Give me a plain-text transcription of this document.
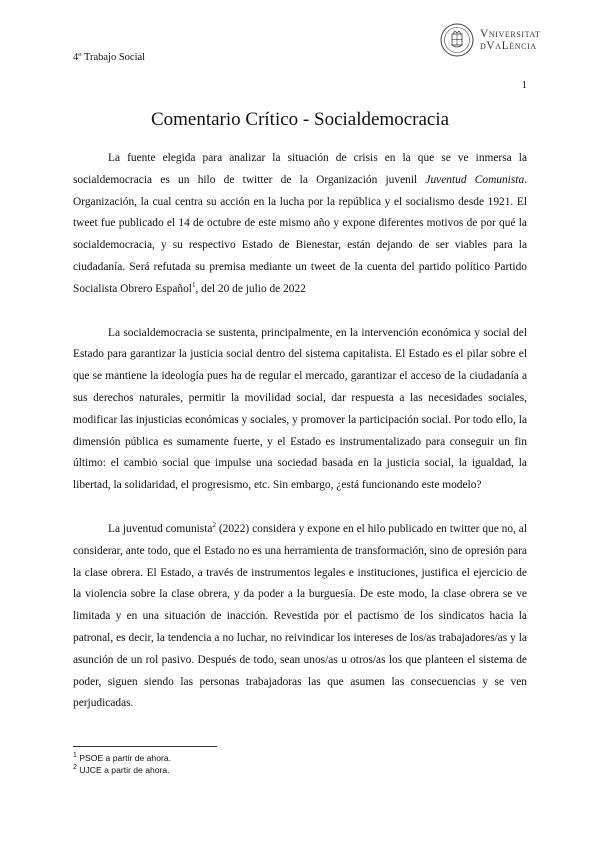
4º Trabajo Social
Vniversitat
dVaLència
1
Comentario Crítico - Socialdemocracia

La fuente elegida para analizar la situación de crisis en la que se ve inmersa la socialdemocracia es un hilo de twitter de la Organización juvenil Juventud Comunista. Organización, la cual centra su acción en la lucha por la república y el socialismo desde 1921. El tweet fue publicado el 14 de octubre de este mismo año y expone diferentes motivos de por qué la socialdemocracia, y su respectivo Estado de Bienestar, están dejando de ser viables para la ciudadanía. Será refutada su premisa mediante un tweet de la cuenta del partido político Partido Socialista Obrero Español$^1$, del 20 de julio de 2022

La socialdemocracia se sustenta, principalmente, en la intervención económica y social del Estado para garantizar la justicia social dentro del sistema capitalista. El Estado es el pilar sobre el que se mantiene la ideología pues ha de regular el mercado, garantizar el acceso de la ciudadanía a sus derechos naturales, permitir la movilidad social, dar respuesta a las necesidades sociales, modificar las injusticias económicas y sociales, y promover la participación social. Por todo ello, la dimensión pública es sumamente fuerte, y el Estado es instrumentalizado para conseguir un fin último: el cambio social que impulse una sociedad basada en la justicia social, la igualdad, la libertad, la solidaridad, el progresismo, etc. Sin embargo, ¿está funcionando este modelo?

La juventud comunista$^2$ (2022) considera y expone en el hilo publicado en twitter que no, al considerar, ante todo, que el Estado no es una herramienta de transformación, sino de opresión para la clase obrera. El Estado, a través de instrumentos legales e instituciones, justifica el ejercicio de la violencia sobre la clase obrera, y da poder a la burguesía. De este modo, la clase obrera se ve limitada y en una situación de inacción. Revestida por el pactismo de los sindicatos hacia la patronal, es decir, la tendencia a no luchar, no reivindicar los intereses de los/as trabajadores/as y la asunción de un rol pasivo. Después de todo, sean unos/as u otros/as los que planteen el sistema de poder, siguen siendo las personas trabajadoras las que asumen las consecuencias y se ven perjudicadas.

$^1$ PSOE a partir de ahora.
$^2$ UJCE a partir de ahora.
